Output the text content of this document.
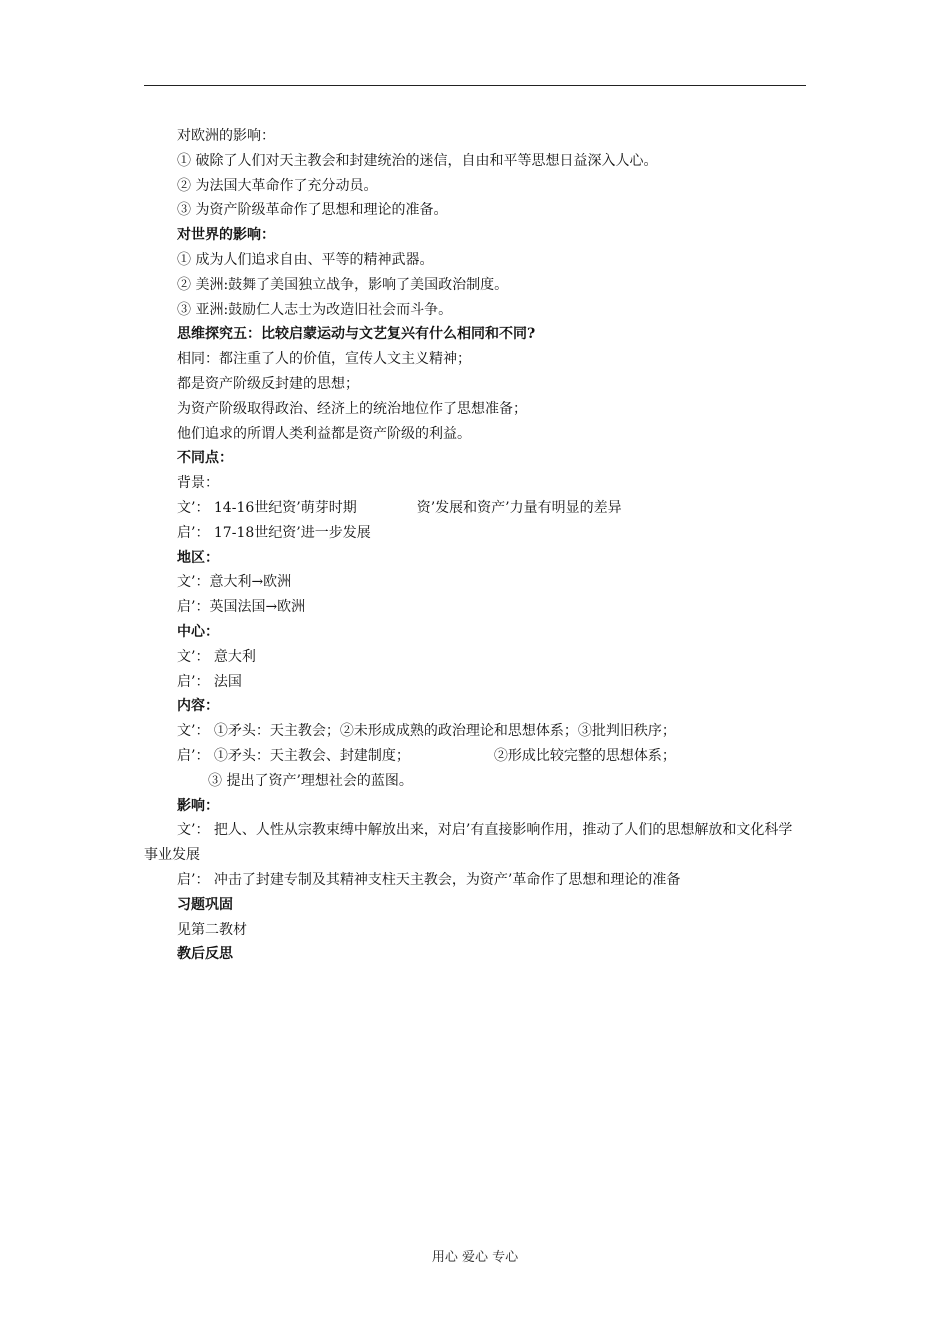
对欧洲的影响：
① 破除了人们对天主教会和封建统治的迷信，自由和平等思想日益深入人心。
② 为法国大革命作了充分动员。
③ 为资产阶级革命作了思想和理论的准备。
对世界的影响：
① 成为人们追求自由、平等的精神武器。
② 美洲:鼓舞了美国独立战争，影响了美国政治制度。
③ 亚洲:鼓励仁人志士为改造旧社会而斗争。
思维探究五：比较启蒙运动与文艺复兴有什么相同和不同?
相同：都注重了人的价值，宣传人文主义精神；
都是资产阶级反封建的思想；
为资产阶级取得政治、经济上的统治地位作了思想准备；
他们追求的所谓人类利益都是资产阶级的利益。
不同点：
背景：
文’： 14-16世纪资’萌芽时期	资’发展和资产’力量有明显的差异
启’： 17-18世纪资’进一步发展
地区：
文’：意大利→欧洲
启’：英国法国→欧洲
中心：
文’： 意大利
启’： 法国
内容：
文’： ①矛头：天主教会；②未形成成熟的政治理论和思想体系；③批判旧秩序；
启’： ①矛头：天主教会、封建制度；	②形成比较完整的思想体系；
③ 提出了资产’理想社会的蓝图。
影响：
文’： 把人、人性从宗教束缚中解放出来，对启’有直接影响作用，推动了人们的思想解放和文化科学事业发展
启’： 冲击了封建专制及其精神支柱天主教会，为资产’革命作了思想和理论的准备
习题巩固
见第二教材
教后反思
用心 爱心 专心
